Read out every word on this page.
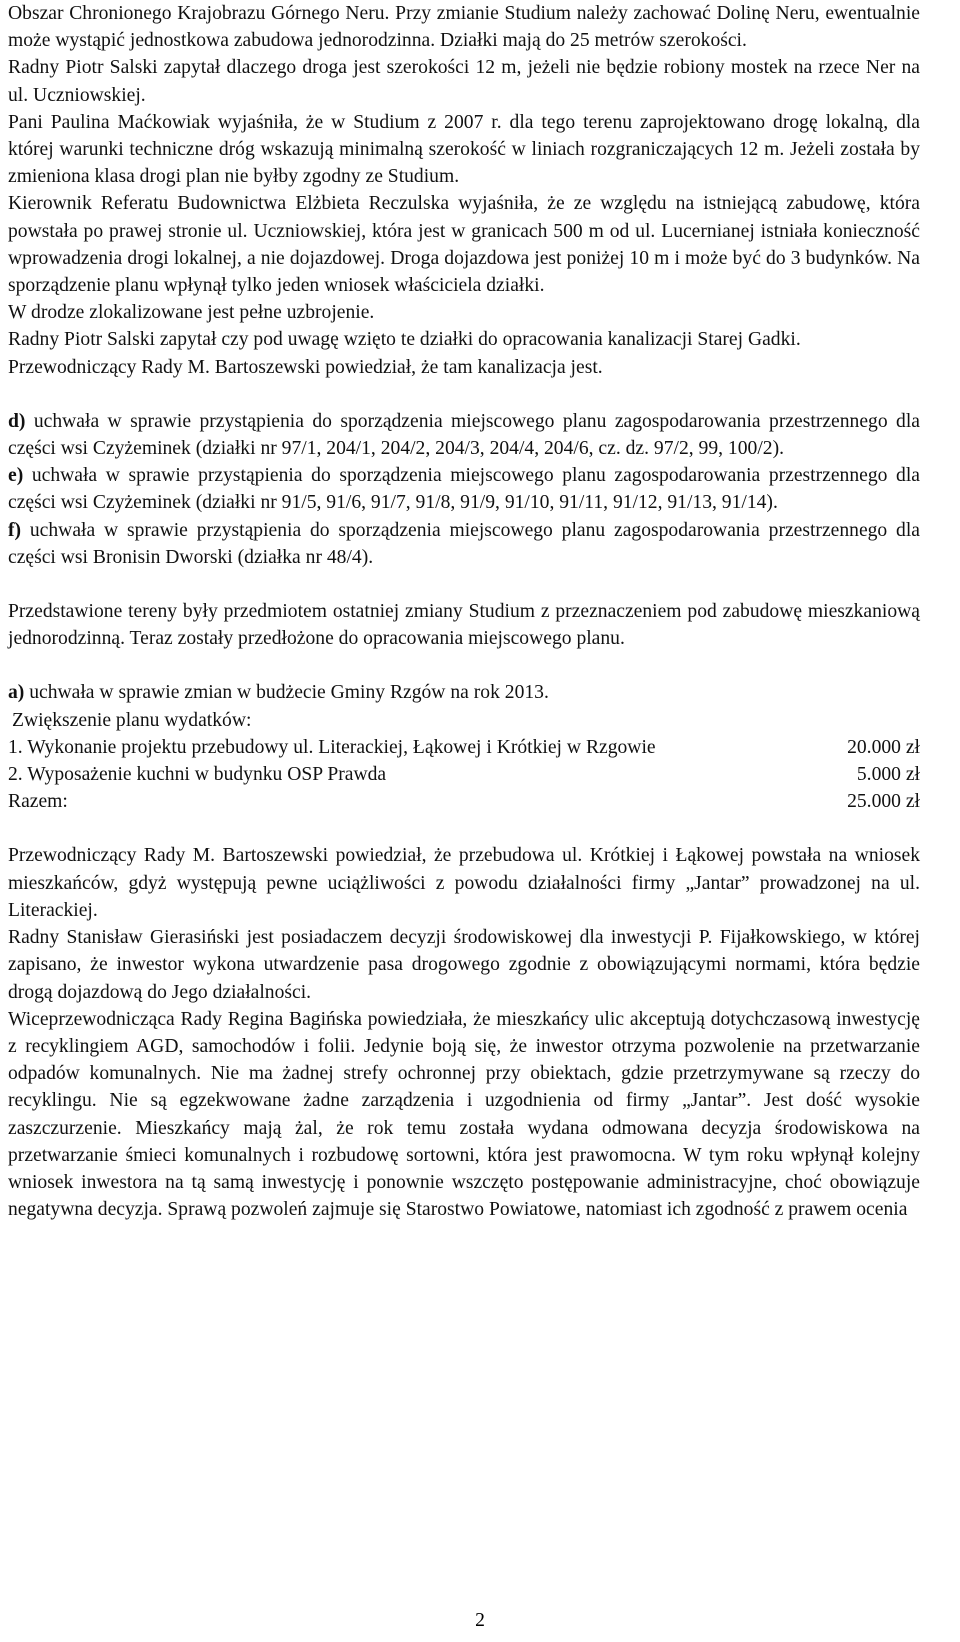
Obszar Chronionego Krajobrazu Górnego Neru. Przy zmianie Studium należy zachować Dolinę Neru, ewentualnie może wystąpić jednostkowa zabudowa jednorodzinna. Działki mają do 25 metrów szerokości.

Radny Piotr Salski zapytał dlaczego droga jest szerokości 12 m, jeżeli nie będzie robiony mostek na rzece Ner na ul. Uczniowskiej.

Pani Paulina Maćkowiak wyjaśniła, że w Studium z 2007 r. dla tego terenu zaprojektowano drogę lokalną, dla której warunki techniczne dróg wskazują minimalną szerokość w liniach rozgraniczających 12 m. Jeżeli została by zmieniona klasa drogi plan nie byłby zgodny ze Studium.

Kierownik Referatu Budownictwa Elżbieta Reczulska wyjaśniła, że ze względu na istniejącą zabudowę, która powstała po prawej stronie ul. Uczniowskiej, która jest w granicach 500 m od ul. Lucernianej istniała konieczność wprowadzenia drogi lokalnej, a nie dojazdowej. Droga dojazdowa jest poniżej 10 m i może być do 3 budynków. Na sporządzenie planu wpłynął tylko jeden wniosek właściciela działki.

W drodze zlokalizowane jest pełne uzbrojenie.

Radny Piotr Salski zapytał czy pod uwagę wzięto te działki do opracowania kanalizacji Starej Gadki.

Przewodniczący Rady M. Bartoszewski powiedział, że tam kanalizacja jest.

d) uchwała w sprawie przystąpienia do sporządzenia miejscowego planu zagospodarowania przestrzennego dla części wsi Czyżeminek (działki nr 97/1, 204/1, 204/2, 204/3, 204/4, 204/6, cz. dz. 97/2, 99, 100/2).

e) uchwała w sprawie przystąpienia do sporządzenia miejscowego planu zagospodarowania przestrzennego dla części wsi Czyżeminek (działki nr 91/5, 91/6, 91/7, 91/8, 91/9, 91/10, 91/11, 91/12, 91/13, 91/14).

f) uchwała w sprawie przystąpienia do sporządzenia miejscowego planu zagospodarowania przestrzennego dla części wsi Bronisin Dworski (działka nr 48/4).

Przedstawione tereny były przedmiotem ostatniej zmiany Studium z przeznaczeniem pod zabudowę mieszkaniową jednorodzinną. Teraz zostały przedłożone do opracowania miejscowego planu.

a) uchwała w sprawie zmian w budżecie Gminy Rzgów na rok 2013.

Zwiększenie planu wydatków:

1. Wykonanie projektu przebudowy ul. Literackiej, Łąkowej i Krótkiej w Rzgowie	20.000 zł
2. Wyposażenie kuchni w budynku OSP Prawda	5.000 zł
Razem:	25.000 zł

Przewodniczący Rady M. Bartoszewski powiedział, że przebudowa ul. Krótkiej i Łąkowej powstała na wniosek mieszkańców, gdyż występują pewne uciążliwości z powodu działalności firmy „Jantar” prowadzonej na ul. Literackiej.

Radny Stanisław Gierasiński jest posiadaczem decyzji środowiskowej dla inwestycji P. Fijałkowskiego, w której zapisano, że inwestor wykona utwardzenie pasa drogowego zgodnie z obowiązującymi normami, która będzie drogą dojazdową do Jego działalności.

Wiceprzewodnicząca Rady Regina Bagińska powiedziała, że mieszkańcy ulic akceptują dotychczasową inwestycję z recyklingiem AGD, samochodów i folii. Jedynie boją się, że inwestor otrzyma pozwolenie na przetwarzanie odpadów komunalnych. Nie ma żadnej strefy ochronnej przy obiektach, gdzie przetrzymywane są rzeczy do recyklingu. Nie są egzekwowane żadne zarządzenia i uzgodnienia od firmy „Jantar”. Jest dość wysokie zaszczurzenie. Mieszkańcy mają żal, że rok temu została wydana odmowana decyzja środowiskowa na przetwarzanie śmieci komunalnych i rozbudowę sortowni, która jest prawomocna. W tym roku wpłynął kolejny wniosek inwestora na tą samą inwestycję i ponownie wszczęto postępowanie administracyjne, choć obowiązuje negatywna decyzja. Sprawą pozwoleń zajmuje się Starostwo Powiatowe, natomiast ich zgodność z prawem ocenia

2
